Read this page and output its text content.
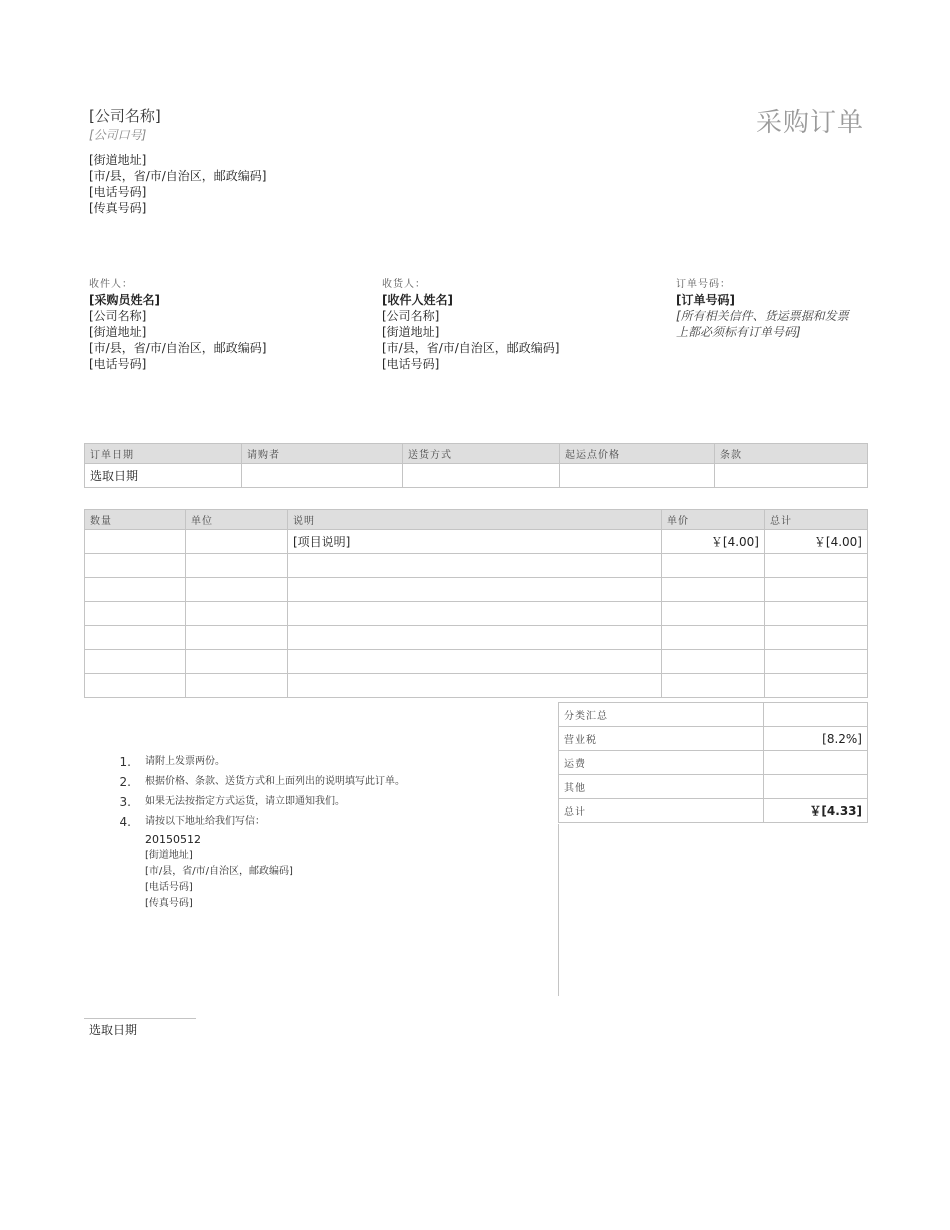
[公司名称]
[公司口号]
[街道地址]
[市/县，省/市/自治区，邮政编码]
[电话号码]
[传真号码]
采购订单
收件人：
[采购员姓名]
[公司名称]
[街道地址]
[市/县，省/市/自治区，邮政编码]
[电话号码]
收货人：
[收件人姓名]
[公司名称]
[街道地址]
[市/县，省/市/自治区，邮政编码]
[电话号码]
订单号码：
[订单号码]
[所有相关信件、货运票据和发票
上都必须标有订单号码]
订单日期	请购者	送货方式	起运点价格	条款
选取日期				
数量	单位	说明	单价	总计
		[项目说明]	￥[4.00]	￥[4.00]

分类汇总	
营业税	[8.2%]
运费	
其他	
总计	￥[4.33]
1. 请附上发票两份。
2. 根据价格、条款、送货方式和上面列出的说明填写此订单。
3. 如果无法按指定方式运货，请立即通知我们。
4. 请按以下地址给我们写信：
20150512
[街道地址]
[市/县，省/市/自治区，邮政编码]
[电话号码]
[传真号码]
选取日期
